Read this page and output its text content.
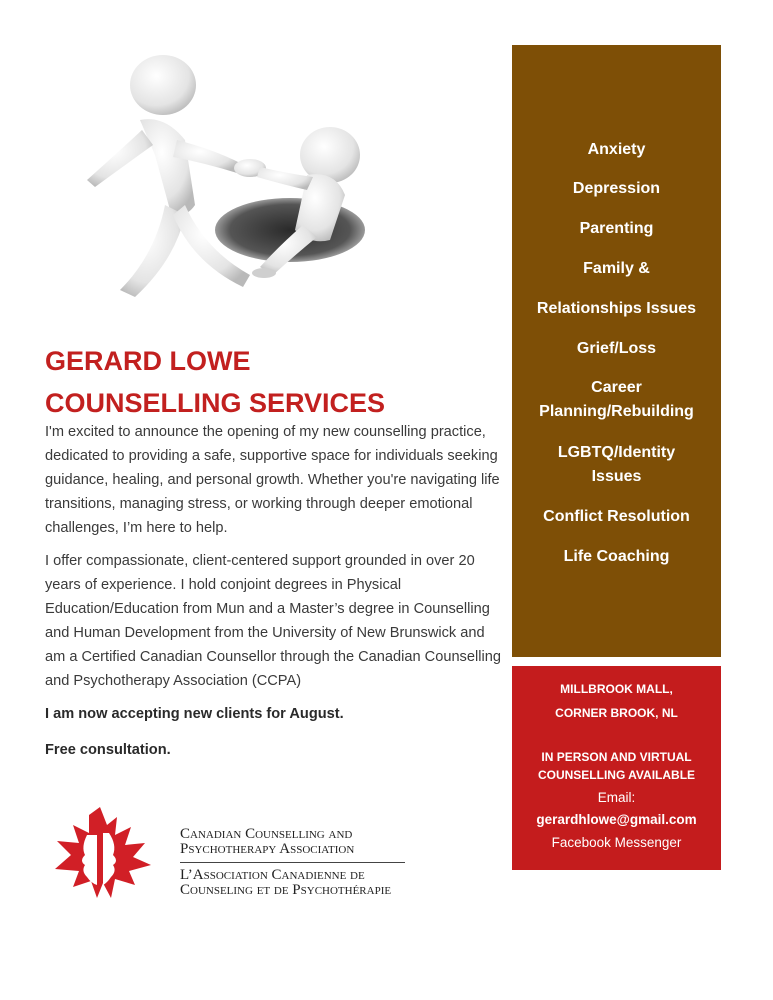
GERARD LOWE
COUNSELLING SERVICES

I'm excited to announce the opening of my new counselling practice, dedicated to providing a safe, supportive space for individuals seeking guidance, healing, and personal growth. Whether you're navigating life transitions, managing stress, or working through deeper emotional challenges, I’m here to help.

I offer compassionate, client-centered support grounded in over 20 years of experience. I hold conjoint degrees in Physical Education/Education from Mun and a Master’s degree in Counselling and Human Development from the University of New Brunswick and am a Certified Canadian Counsellor through the Canadian Counselling and Psychotherapy Association (CCPA)

I am now accepting new clients for August.

Free consultation.

Canadian Counselling and
Psychotherapy Association
L’Association Canadienne de
Counseling et de Psychothérapie
Anxiety
Depression
Parenting
Family &
Relationships Issues
Grief/Loss
Career
Planning/Rebuilding
LGBTQ/Identity
Issues
Conflict Resolution
Life Coaching
MILLBROOK MALL,
CORNER BROOK, NL
IN PERSON AND VIRTUAL
COUNSELLING AVAILABLE
Email:
gerardhlowe@gmail.com
Facebook Messenger
